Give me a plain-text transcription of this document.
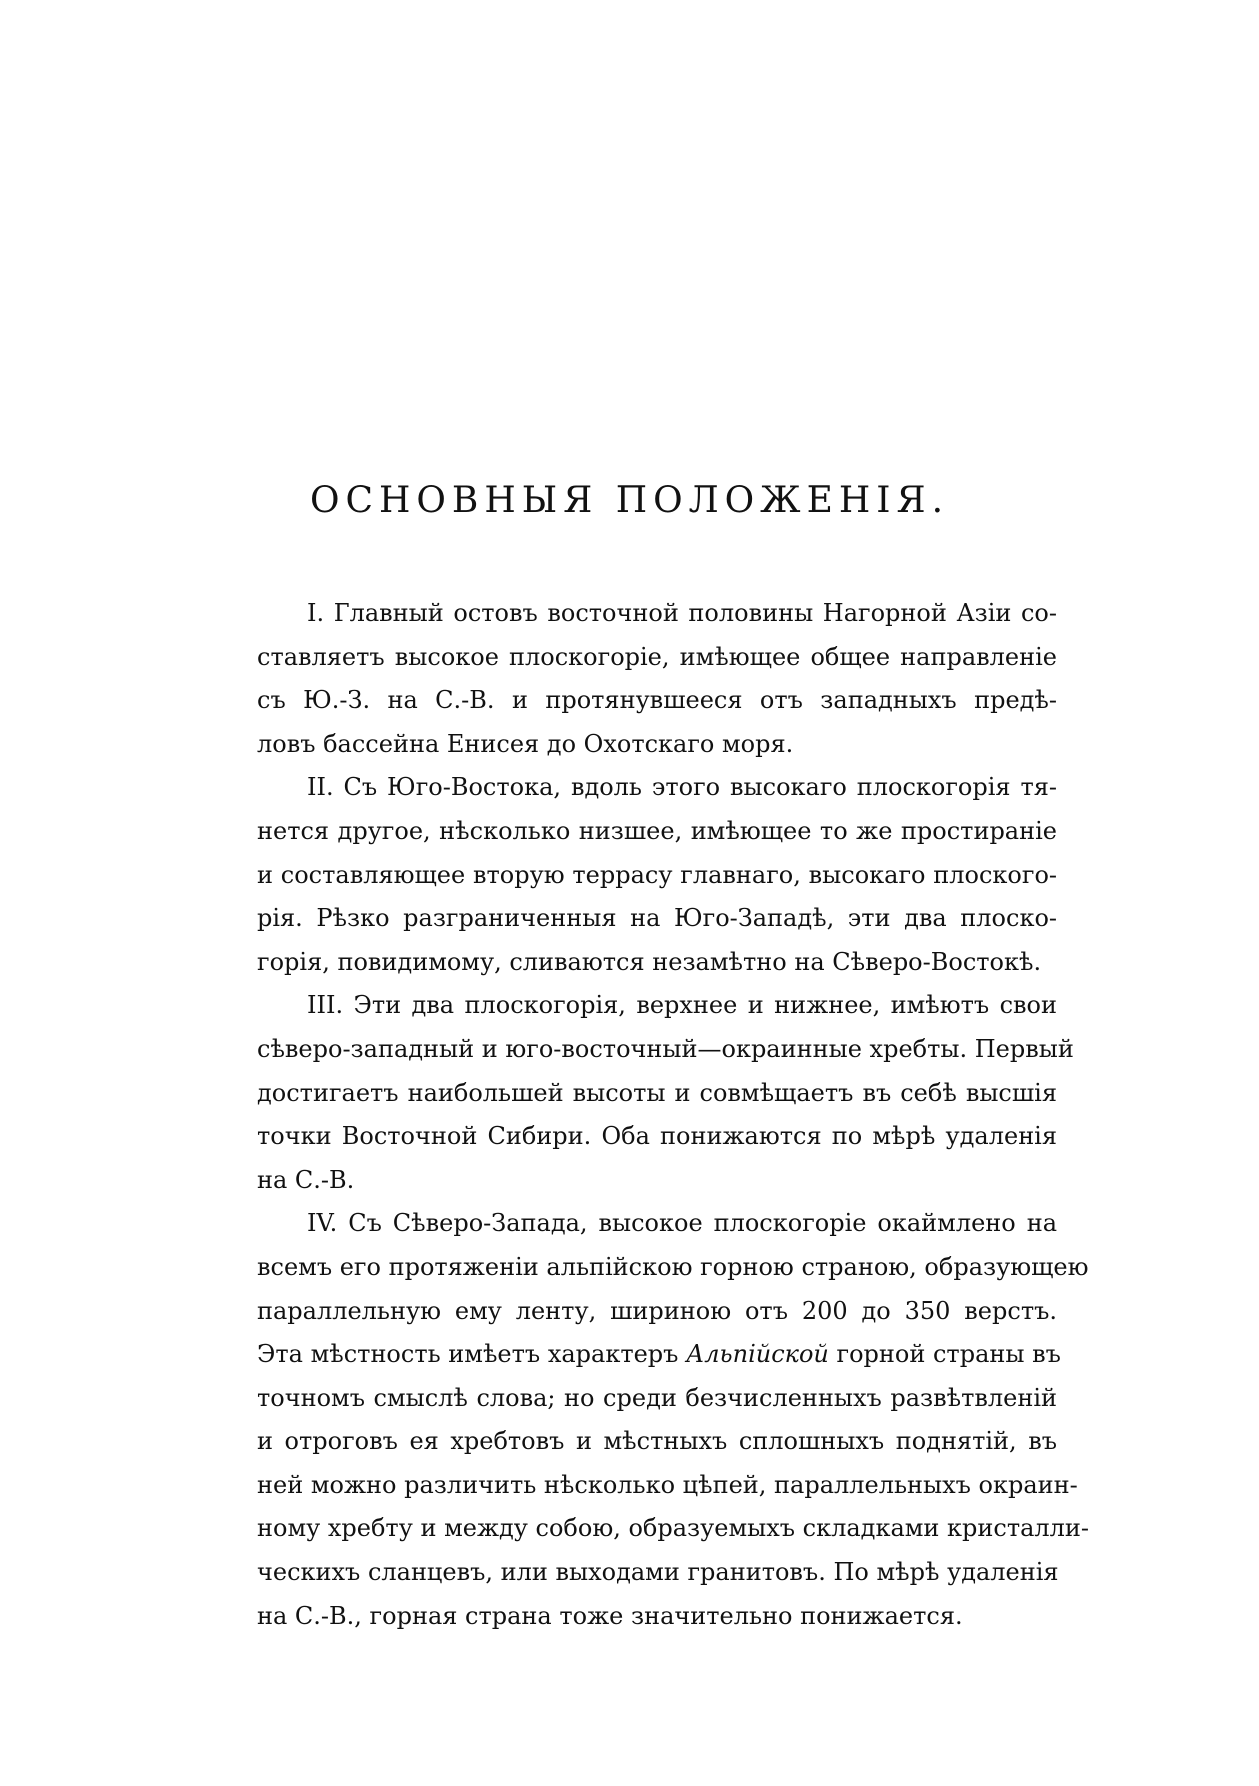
ОСНОВНЫЯ ПОЛОЖЕНІЯ.
I. Главный остовъ восточной половины Нагорной Азіи со-
ставляетъ высокое плоскогоріе, имѣющее общее направленіе
съ Ю.-З. на С.-В. и протянувшееся отъ западныхъ предѣ-
ловъ бассейна Енисея до Охотскаго моря.
II. Съ Юго-Востока, вдоль этого высокаго плоскогорія тя-
нется другое, нѣсколько низшее, имѣющее то же простираніе
и составляющее вторую террасу главнаго, высокаго плоского-
рія. Рѣзко разграниченныя на Юго-Западѣ, эти два плоско-
горія, повидимому, сливаются незамѣтно на Сѣверо-Востокѣ.
III. Эти два плоскогорія, верхнее и нижнее, имѣютъ свои
сѣверо-западный и юго-восточный—окраинные хребты. Первый
достигаетъ наибольшей высоты и совмѣщаетъ въ себѣ высшія
точки Восточной Сибири. Оба понижаются по мѣрѣ удаленія
на С.-В.
IV. Съ Сѣверо-Запада, высокое плоскогоріе окаймлено на
всемъ его протяженіи альпійскою горною страною, образующею
параллельную ему ленту, шириною отъ 200 до 350 верстъ.
Эта мѣстность имѣетъ характеръ Альпійской горной страны въ
точномъ смыслѣ слова; но среди безчисленныхъ развѣтвленій
и отроговъ ея хребтовъ и мѣстныхъ сплошныхъ поднятій, въ
ней можно различить нѣсколько цѣпей, параллельныхъ окраин-
ному хребту и между собою, образуемыхъ складками кристалли-
ческихъ сланцевъ, или выходами гранитовъ. По мѣрѣ удаленія
на С.-В., горная страна тоже значительно понижается.
